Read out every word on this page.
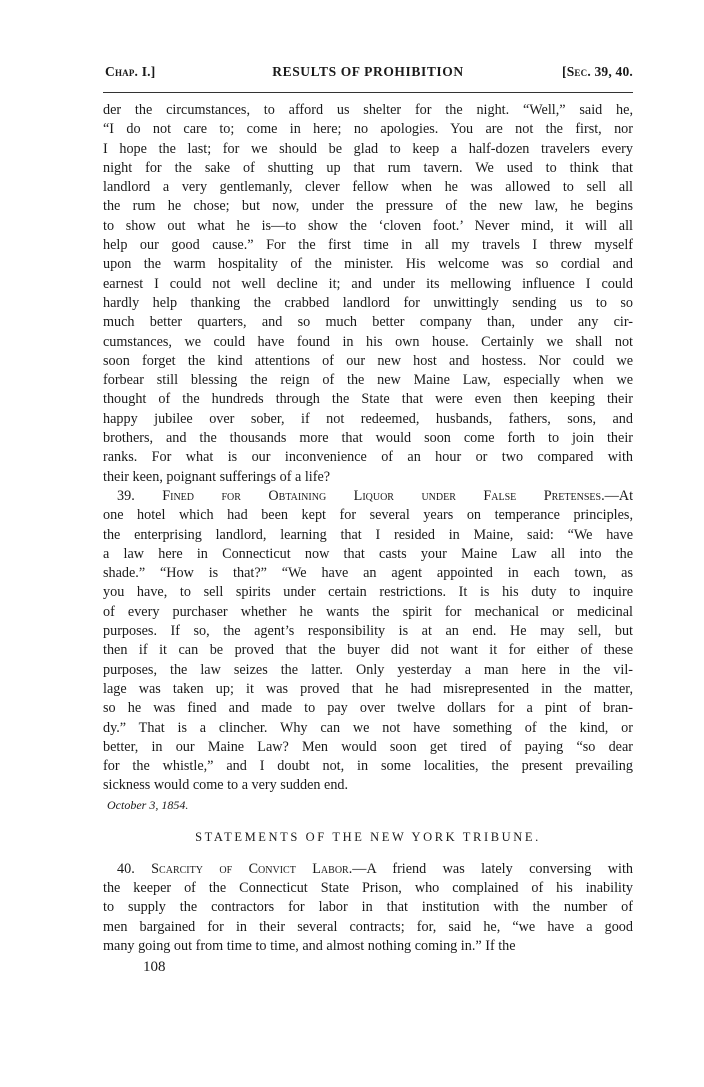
Chap. I.]	RESULTS OF PROHIBITION	[Sec. 39, 40.

der the circumstances, to afford us shelter for the night. “Well,” said he,
“I do not care to; come in here; no apologies. You are not the first, nor
I hope the last; for we should be glad to keep a half-dozen travelers every
night for the sake of shutting up that rum tavern. We used to think that
landlord a very gentlemanly, clever fellow when he was allowed to sell all
the rum he chose; but now, under the pressure of the new law, he begins
to show out what he is—to show the ‘cloven foot.’ Never mind, it will all
help our good cause.” For the first time in all my travels I threw myself
upon the warm hospitality of the minister. His welcome was so cordial and
earnest I could not well decline it; and under its mellowing influence I could
hardly help thanking the crabbed landlord for unwittingly sending us to so
much better quarters, and so much better company than, under any cir-
cumstances, we could have found in his own house. Certainly we shall not
soon forget the kind attentions of our new host and hostess. Nor could we
forbear still blessing the reign of the new Maine Law, especially when we
thought of the hundreds through the State that were even then keeping their
happy jubilee over sober, if not redeemed, husbands, fathers, sons, and
brothers, and the thousands more that would soon come forth to join their
ranks. For what is our inconvenience of an hour or two compared with
their keen, poignant sufferings of a life?

39. Fined for Obtaining Liquor under False Pretenses.—At
one hotel which had been kept for several years on temperance principles,
the enterprising landlord, learning that I resided in Maine, said: “We have
a law here in Connecticut now that casts your Maine Law all into the
shade.” “How is that?” “We have an agent appointed in each town, as
you have, to sell spirits under certain restrictions. It is his duty to inquire
of every purchaser whether he wants the spirit for mechanical or medicinal
purposes. If so, the agent’s responsibility is at an end. He may sell, but
then if it can be proved that the buyer did not want it for either of these
purposes, the law seizes the latter. Only yesterday a man here in the vil-
lage was taken up; it was proved that he had misrepresented in the matter,
so he was fined and made to pay over twelve dollars for a pint of bran-
dy.” That is a clincher. Why can we not have something of the kind, or
better, in our Maine Law? Men would soon get tired of paying “so dear
for the whistle,” and I doubt not, in some localities, the present prevailing
sickness would come to a very sudden end.

October 3, 1854.
STATEMENTS OF THE NEW YORK TRIBUNE.

40. Scarcity of Convict Labor.—A friend was lately conversing with
the keeper of the Connecticut State Prison, who complained of his inability
to supply the contractors for labor in that institution with the number of
men bargained for in their several contracts; for, said he, “we have a good
many going out from time to time, and almost nothing coming in.” If the

108
